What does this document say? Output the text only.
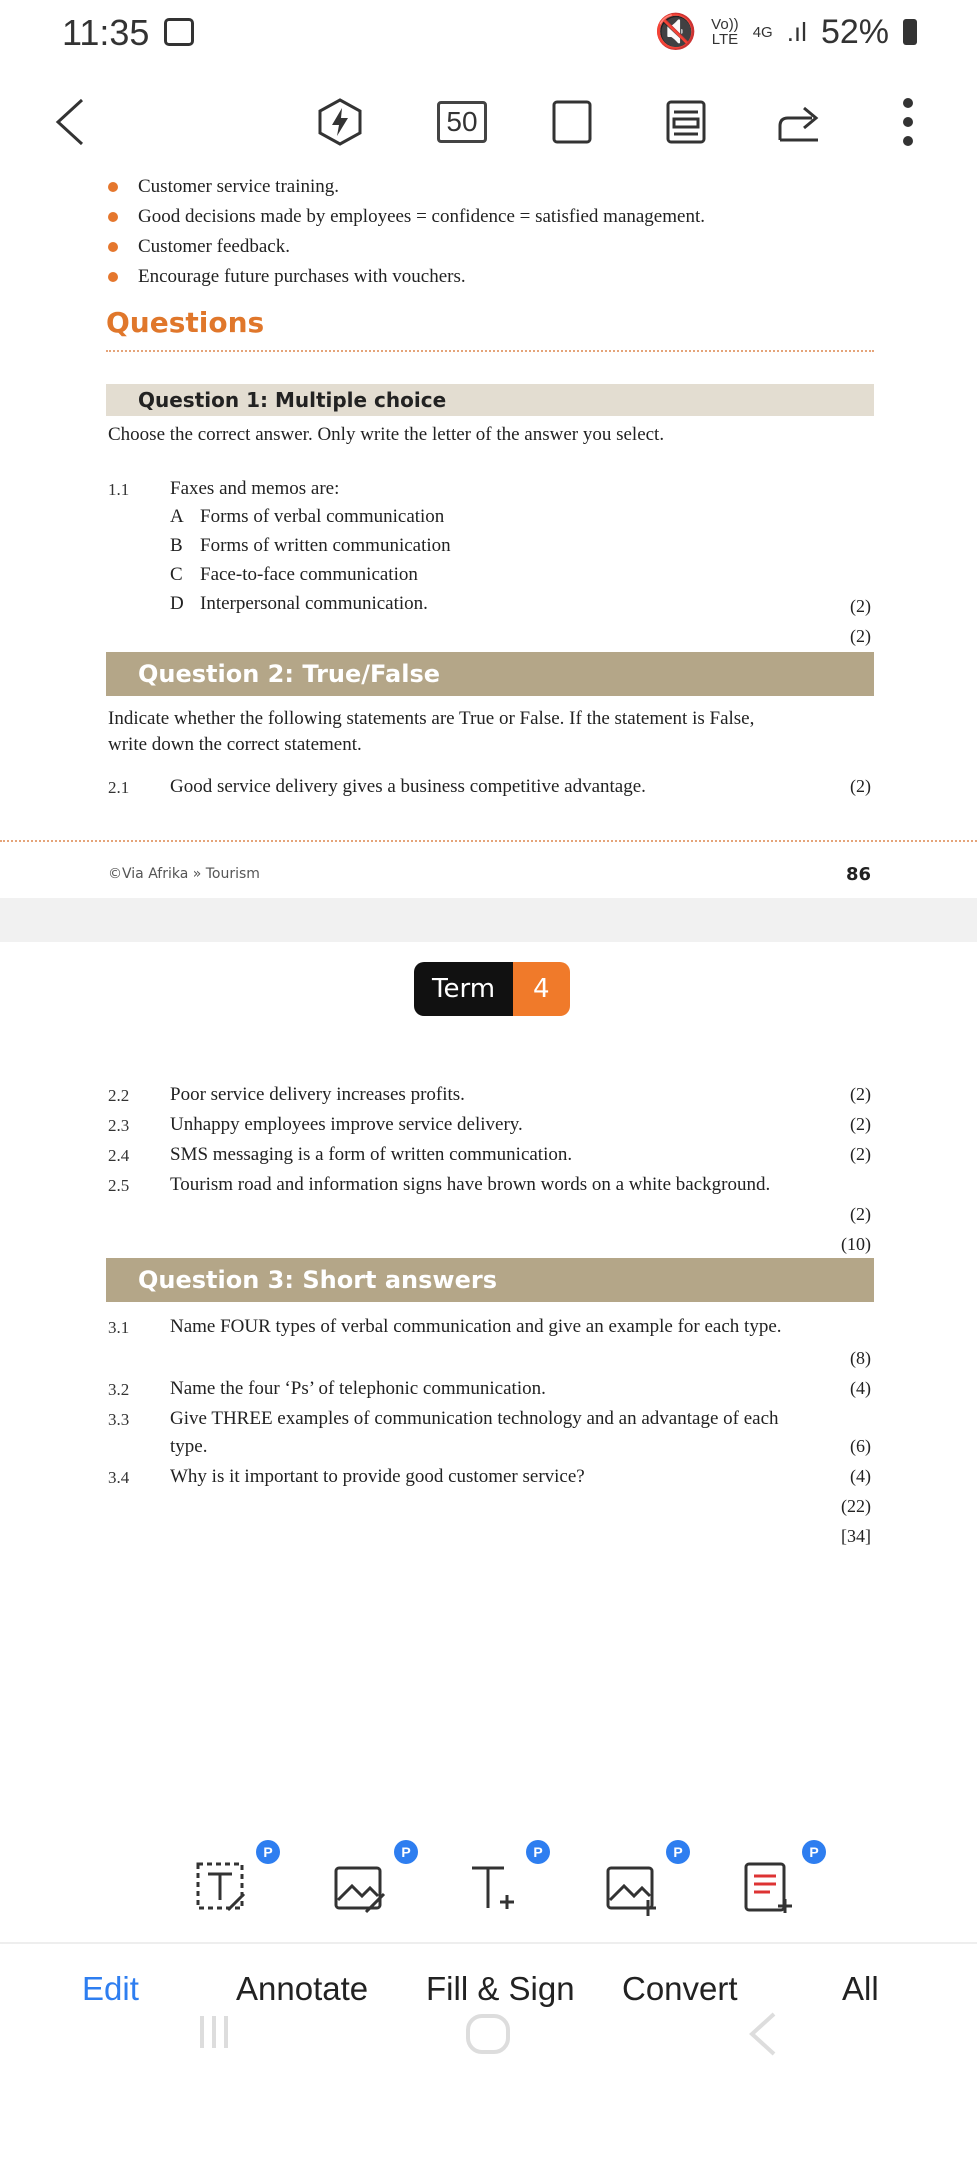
11:35	🔇 Vo))
LTE 4G .ıl 52%
50
Customer service training.
Good decisions made by employees = confidence = satisfied management.
Customer feedback.
Encourage future purchases with vouchers.
Questions
Question 1: Multiple choice
Choose the correct answer. Only write the letter of the answer you select.
1.1 Faxes and memos are:
A Forms of verbal communication
B Forms of written communication
C Face-to-face communication
D Interpersonal communication.	(2)
(2)
Question 2: True/False
Indicate whether the following statements are True or False. If the statement is False,
write down the correct statement.
2.1 Good service delivery gives a business competitive advantage.	(2)
©Via Afrika » Tourism	86
Term	4
2.2 Poor service delivery increases profits.	(2)
2.3 Unhappy employees improve service delivery.	(2)
2.4 SMS messaging is a form of written communication.	(2)
2.5 Tourism road and information signs have brown words on a white background.
(2)
(10)
Question 3: Short answers
3.1 Name FOUR types of verbal communication and give an example for each type.
(8)
3.2 Name the four ‘Ps’ of telephonic communication.	(4)
3.3 Give THREE examples of communication technology and an advantage of each
type.	(6)
3.4 Why is it important to provide good customer service?	(4)
(22)
[34]
P	P	P	P	P
Edit	Annotate Fill & Sign Convert	All
